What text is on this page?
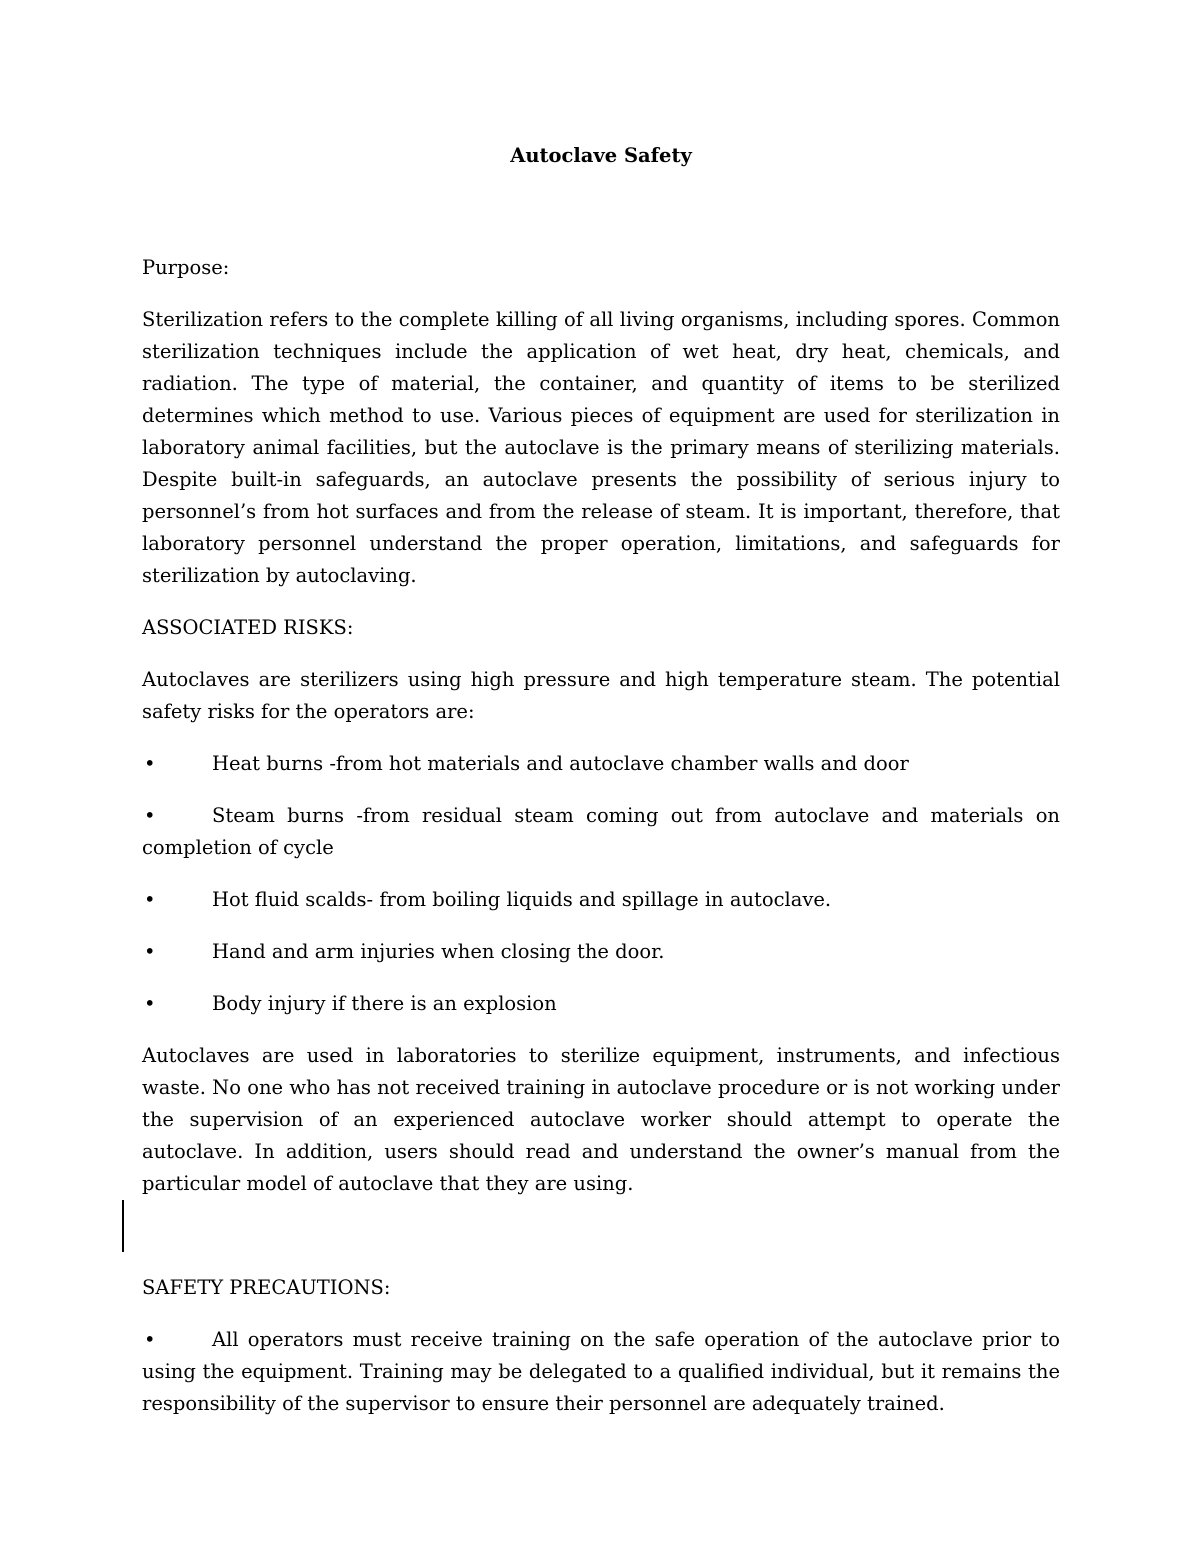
Autoclave Safety

Purpose:

Sterilization refers to the complete killing of all living organisms, including spores. Common sterilization techniques include the application of wet heat, dry heat, chemicals, and radiation. The type of material, the container, and quantity of items to be sterilized determines which method to use. Various pieces of equipment are used for sterilization in laboratory animal facilities, but the autoclave is the primary means of sterilizing materials. Despite built-in safeguards, an autoclave presents the possibility of serious injury to personnel’s from hot surfaces and from the release of steam. It is important, therefore, that laboratory personnel understand the proper operation, limitations, and safeguards for sterilization by autoclaving.

ASSOCIATED RISKS:

Autoclaves are sterilizers using high pressure and high temperature steam. The potential safety risks for the operators are:

•	Heat burns -from hot materials and autoclave chamber walls and door
•	Steam burns -from residual steam coming out from autoclave and materials on completion of cycle
•	Hot fluid scalds- from boiling liquids and spillage in autoclave.
•	Hand and arm injuries when closing the door.
•	Body injury if there is an explosion

Autoclaves are used in laboratories to sterilize equipment, instruments, and infectious waste. No one who has not received training in autoclave procedure or is not working under the supervision of an experienced autoclave worker should attempt to operate the autoclave. In addition, users should read and understand the owner’s manual from the particular model of autoclave that they are using.

SAFETY PRECAUTIONS:

•	All operators must receive training on the safe operation of the autoclave prior to using the equipment. Training may be delegated to a qualified individual, but it remains the responsibility of the supervisor to ensure their personnel are adequately trained.
